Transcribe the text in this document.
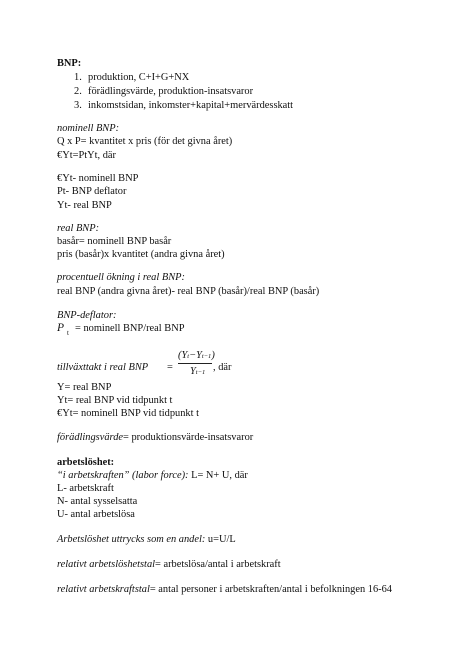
BNP:
1. produktion, C+I+G+NX
2. förädlingsvärde, produktion-insatsvaror
3. inkomstsidan, inkomster+kapital+mervärdesskatt
nominell BNP:
Q x P= kvantitet x pris (för det givna året)
€Yt=PtYt, där
€Yt- nominell BNP
Pt- BNP deflator
Yt- real BNP
real BNP:
basår= nominell BNP basår
pris (basår)x kvantitet (andra givna året)
procentuell ökning i real BNP:
real BNP (andra givna året)- real BNP (basår)/real BNP (basår)
BNP-deflator:
P t = nominell BNP/real BNP
tillväxttakt i real BNP =
(Yt−Yt−1)
Yt−1 , där
Y= real BNP
Yt= real BNP vid tidpunkt t
€Yt= nominell BNP vid tidpunkt t
förädlingsvärde= produktionsvärde-insatsvaror
arbetslöshet:
“i arbetskraften” (labor force): L= N+ U, där
L- arbetskraft
N- antal sysselsatta
U- antal arbetslösa
Arbetslöshet uttrycks som en andel: u=U/L
relativt arbetslöshetstal= arbetslösa/antal i arbetskraft
relativt arbetskraftstal= antal personer i arbetskraften/antal i befolkningen 16-64
